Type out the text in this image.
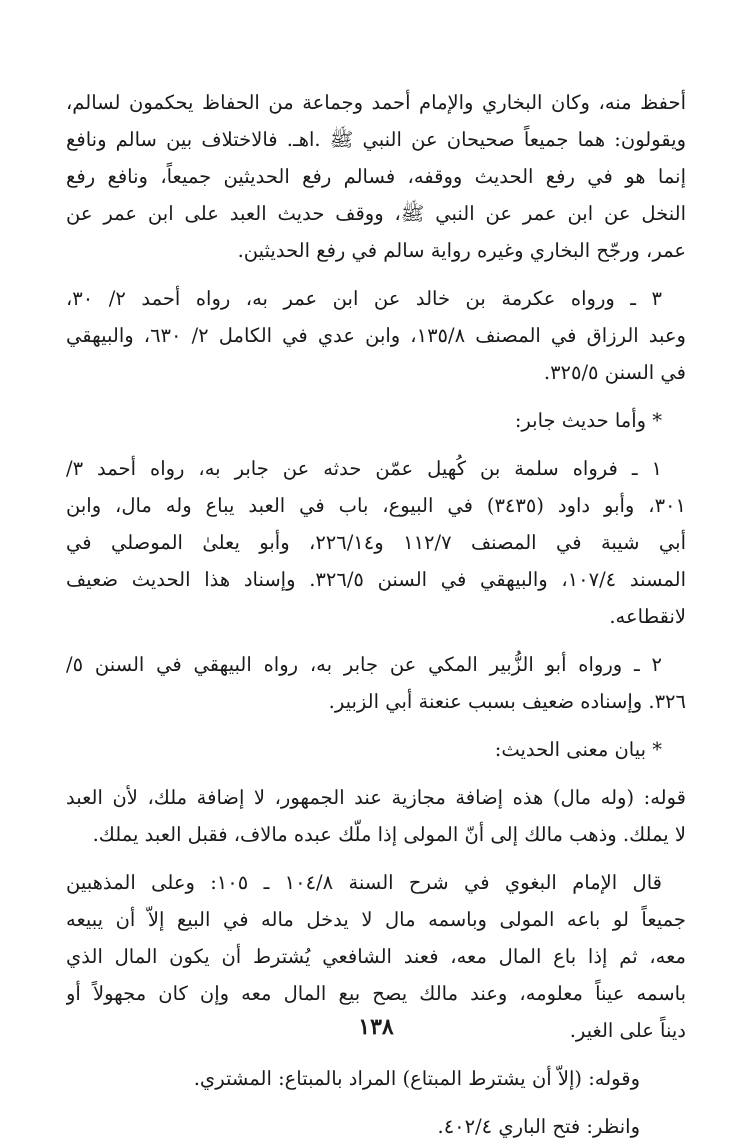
أحفظ منه، وكان البخاري والإمام أحمد وجماعة من الحفاظ يحكمون لسالم،
ويقولون: هما جميعاً صحيحان عن النبي ﷺ .اهـ. فالاختلاف بين سالم ونافع
إنما هو في رفع الحديث ووقفه، فسالم رفع الحديثين جميعاً، ونافع رفع
النخل عن ابن عمر عن النبي ﷺ، ووقف حديث العبد على ابن عمر عن
عمر، ورجّح البخاري وغيره رواية سالم في رفع الحديثين.

٣ ـ ورواه عكرمة بن خالد عن ابن عمر به، رواه أحمد ٢/ ٣٠،
وعبد الرزاق في المصنف ١٣٥/٨، وابن عدي في الكامل ٢/ ٦٣٠، والبيهقي
في السنن ٣٢٥/٥.

* وأما حديث جابر:

١ ـ فرواه سلمة بن كُهيل عمّن حدثه عن جابر به، رواه أحمد ٣/
٣٠١، وأبو داود (٣٤٣٥) في البيوع، باب في العبد يباع وله مال، وابن
أبي شيبة في المصنف ١١٢/٧ و٢٢٦/١٤، وأبو يعلىٰ الموصلي في
المسند ١٠٧/٤، والبيهقي في السنن ٣٢٦/٥. وإسناد هذا الحديث ضعيف
لانقطاعه.

٢ ـ ورواه أبو الزُّبير المكي عن جابر به، رواه البيهقي في السنن ٥/
٣٢٦. وإسناده ضعيف بسبب عنعنة أبي الزبير.

* بيان معنى الحديث:

قوله: (وله مال) هذه إضافة مجازية عند الجمهور، لا إضافة ملك، لأن العبد
لا يملك. وذهب مالك إلى أنّ المولى إذا ملّك عبده مالاف، فقبل العبد يملك.

قال الإمام البغوي في شرح السنة ١٠٤/٨ ـ ١٠٥: وعلى المذهبين
جميعاً لو باعه المولى وباسمه مال لا يدخل ماله في البيع إلاّ أن يبيعه
معه، ثم إذا باع المال معه، فعند الشافعي يُشترط أن يكون المال الذي
باسمه عيناً معلومه، وعند مالك يصح بيع المال معه وإن كان مجهولاً أو
ديناً على الغير.

وقوله: (إلاّ أن يشترط المبتاع) المراد بالمبتاع: المشتري.

وانظر: فتح الباري ٤٠٢/٤.

١٣٨
